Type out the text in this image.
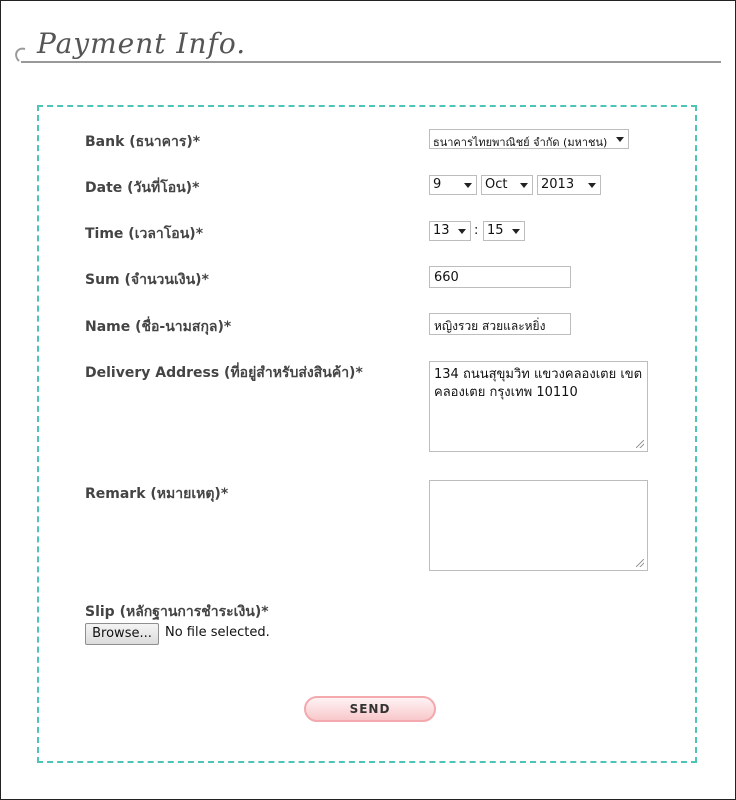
Payment Info.
Bank (ธนาคาร)*	ธนาคารไทยพาณิชย์ จำกัด (มหาชน)
Date (วันที่โอน)*	9	Oct	2013
Time (เวลาโอน)*	13	: 15
Sum (จำนวนเงิน)*	660
Name (ชื่อ-นามสกุล)*	หญิงรวย สวยและหยิ่ง
Delivery Address (ที่อยู่สำหรับส่งสินค้า)*	134 ถนนสุขุมวิท แขวงคลองเตย เขตคลองเตย กรุงเทพ 10110
Remark (หมายเหตุ)*
Slip (หลักฐานการชำระเงิน)*
Browse...	No file selected.
SEND
